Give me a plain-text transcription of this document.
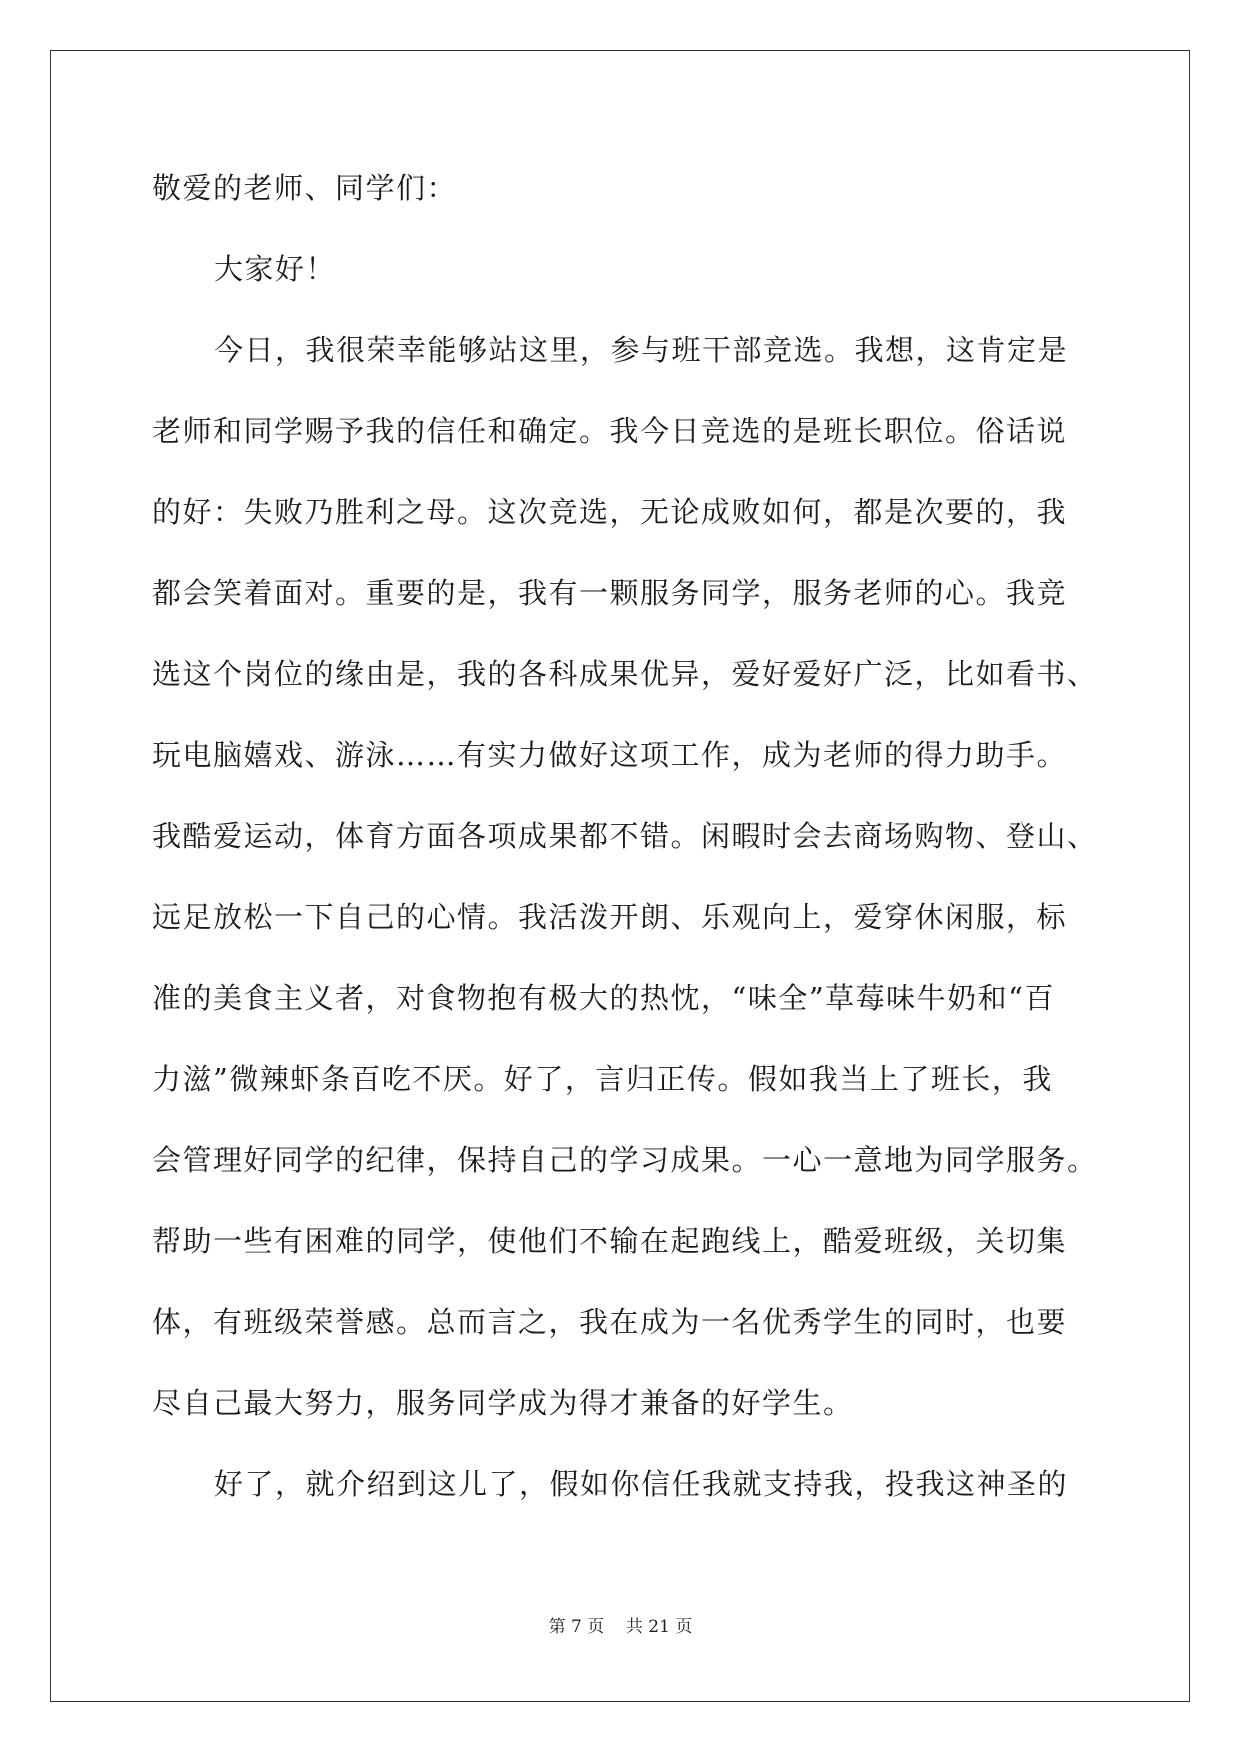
敬爱的老师、同学们：
大家好！
今日，我很荣幸能够站这里，参与班干部竞选。我想，这肯定是
老师和同学赐予我的信任和确定。我今日竞选的是班长职位。俗话说
的好：失败乃胜利之母。这次竞选，无论成败如何，都是次要的，我
都会笑着面对。重要的是，我有一颗服务同学，服务老师的心。我竞
选这个岗位的缘由是，我的各科成果优异，爱好爱好广泛，比如看书、
玩电脑嬉戏、游泳……有实力做好这项工作，成为老师的得力助手。
我酷爱运动，体育方面各项成果都不错。闲暇时会去商场购物、登山、
远足放松一下自己的心情。我活泼开朗、乐观向上，爱穿休闲服，标
准的美食主义者，对食物抱有极大的热忱，“味全”草莓味牛奶和“百
力滋”微辣虾条百吃不厌。好了，言归正传。假如我当上了班长，我
会管理好同学的纪律，保持自己的学习成果。一心一意地为同学服务。
帮助一些有困难的同学，使他们不输在起跑线上，酷爱班级，关切集
体，有班级荣誉感。总而言之，我在成为一名优秀学生的同时，也要
尽自己最大努力，服务同学成为得才兼备的好学生。
好了，就介绍到这儿了，假如你信任我就支持我，投我这神圣的
第 7 页    共 21 页
